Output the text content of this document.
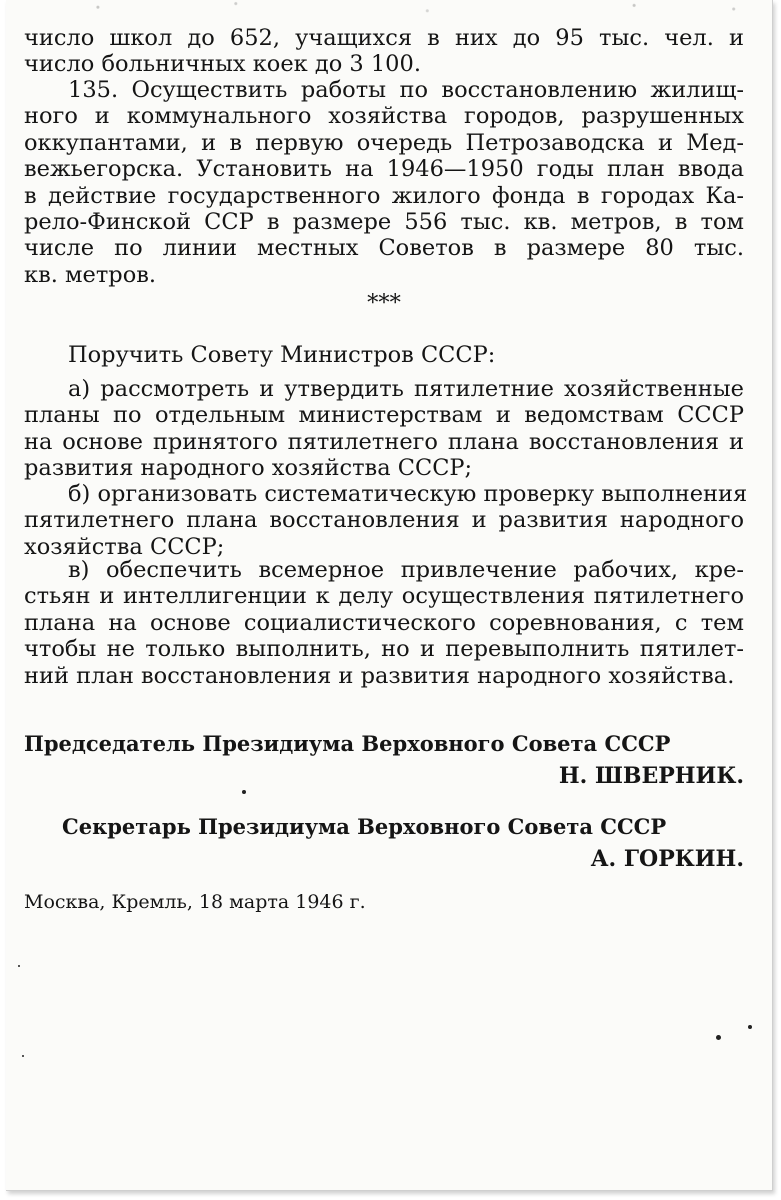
число школ до 652, учащихся в них до 95 тыс. чел. и
число больничных коек до 3 100.
135. Осуществить работы по восстановлению жилищ-
ного и коммунального хозяйства городов, разрушенных
оккупантами, и в первую очередь Петрозаводска и Мед-
вежьегорска. Установить на 1946—1950 годы план ввода
в действие государственного жилого фонда в городах Ка-
рело-Финской ССР в размере 556 тыс. кв. метров, в том
числе по линии местных Советов в размере 80 тыс.
кв. метров.
***
Поручить Совету Министров СССР:
а) рассмотреть и утвердить пятилетние хозяйственные
планы по отдельным министерствам и ведомствам СССР
на основе принятого пятилетнего плана восстановления и
развития народного хозяйства СССР;
б) организовать систематическую проверку выполнения
пятилетнего плана восстановления и развития народного
хозяйства СССР;
в) обеспечить всемерное привлечение рабочих, кре-
стьян и интеллигенции к делу осуществления пятилетнего
плана на основе социалистического соревнования, с тем
чтобы не только выполнить, но и перевыполнить пятилет-
ний план восстановления и развития народного хозяйства.
Председатель Президиума Верховного Совета СССР
Н. ШВЕРНИК.
Секретарь Президиума Верховного Совета СССР
А. ГОРКИН.
Москва, Кремль, 18 марта 1946 г.
